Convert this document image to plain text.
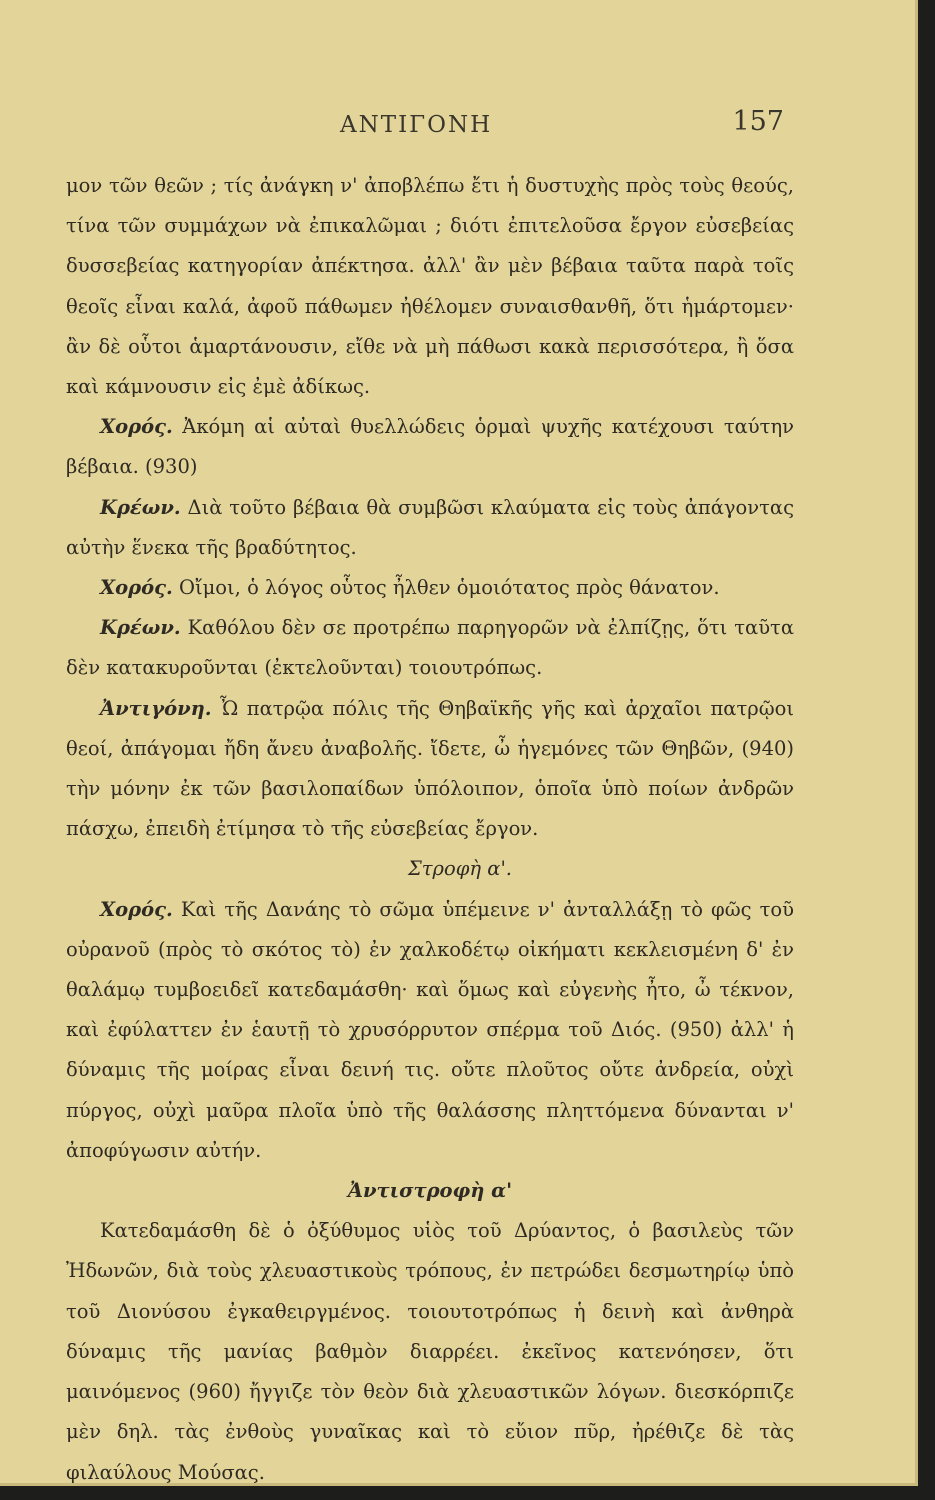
ΑΝΤΙΓΟΝΗ	157

μον τῶν θεῶν ; τίς ἀνάγκη ν' ἀποβλέπω ἔτι ἡ δυστυχὴς πρὸς τοὺς θεούς, τίνα τῶν συμμάχων νὰ ἐπικαλῶμαι ; διότι ἐπιτελοῦσα ἔργον εὐσεβείας δυσσεβείας κατηγορίαν ἀπέκτησα. ἀλλ' ἂν μὲν βέβαια ταῦτα παρὰ τοῖς θεοῖς εἶναι καλά, ἀφοῦ πάθωμεν ἠθέλομεν συναισθανθῆ, ὅτι ἡμάρτομεν· ἂν δὲ οὗτοι ἁμαρτάνουσιν, εἴθε νὰ μὴ πάθωσι κακὰ περισσότερα, ἢ ὅσα καὶ κάμνουσιν εἰς ἐμὲ ἀδίκως.

Χορός. Ἀκόμη αἱ αὐταὶ θυελλώδεις ὁρμαὶ ψυχῆς κατέχουσι ταύτην βέβαια. (930)

Κρέων. Διὰ τοῦτο βέβαια θὰ συμβῶσι κλαύματα εἰς τοὺς ἀπάγοντας αὐτὴν ἕνεκα τῆς βραδύτητος.

Χορός. Οἴμοι, ὁ λόγος οὗτος ἦλθεν ὁμοιότατος πρὸς θάνατον.

Κρέων. Καθόλου δὲν σε προτρέπω παρηγορῶν νὰ ἐλπίζῃς, ὅτι ταῦτα δὲν κατακυροῦνται (ἐκτελοῦνται) τοιουτρόπως.

Ἀντιγόνη. Ὦ πατρῷα πόλις τῆς Θηβαϊκῆς γῆς καὶ ἀρχαῖοι πατρῷοι θεοί, ἀπάγομαι ἤδη ἄνευ ἀναβολῆς. ἴδετε, ὦ ἡγεμόνες τῶν Θηβῶν, (940) τὴν μόνην ἐκ τῶν βασιλοπαίδων ὑπόλοιπον, ὁποῖα ὑπὸ ποίων ἀνδρῶν πάσχω, ἐπειδὴ ἐτίμησα τὸ τῆς εὐσεβείας ἔργον.

Στροφὴ α'.

Χορός. Καὶ τῆς Δανάης τὸ σῶμα ὑπέμεινε ν' ἀνταλλάξῃ τὸ φῶς τοῦ οὐρανοῦ (πρὸς τὸ σκότος τὸ) ἐν χαλκοδέτῳ οἰκήματι κεκλεισμένη δ' ἐν θαλάμῳ τυμβοειδεῖ κατεδαμάσθη· καὶ ὅμως καὶ εὐγενὴς ἦτο, ὦ τέκνον, καὶ ἐφύλαττεν ἐν ἑαυτῇ τὸ χρυσόρρυτον σπέρμα τοῦ Διός. (950) ἀλλ' ἡ δύναμις τῆς μοίρας εἶναι δεινή τις. οὔτε πλοῦτος οὔτε ἀνδρεία, οὐχὶ πύργος, οὐχὶ μαῦρα πλοῖα ὑπὸ τῆς θαλάσσης πληττόμενα δύνανται ν' ἀποφύγωσιν αὐτήν.

Ἀντιστροφὴ α'

Κατεδαμάσθη δὲ ὁ ὀξύθυμος υἱὸς τοῦ Δρύαντος, ὁ βασιλεὺς τῶν Ἠδωνῶν, διὰ τοὺς χλευαστικοὺς τρόπους, ἐν πετρώδει δεσμωτηρίῳ ὑπὸ τοῦ Διονύσου ἐγκαθειργμένος. τοιουτοτρόπως ἡ δεινὴ καὶ ἀνθηρὰ δύναμις τῆς μανίας βαθμὸν διαρρέει. ἐκεῖνος κατενόησεν, ὅτι μαινόμενος (960) ἤγγιζε τὸν θεὸν διὰ χλευαστικῶν λόγων. διεσκόρπιζε μὲν δηλ. τὰς ἐνθοὺς γυναῖκας καὶ τὸ εὔιον πῦρ, ἠρέθιζε δὲ τὰς φιλαύλους Μούσας.
